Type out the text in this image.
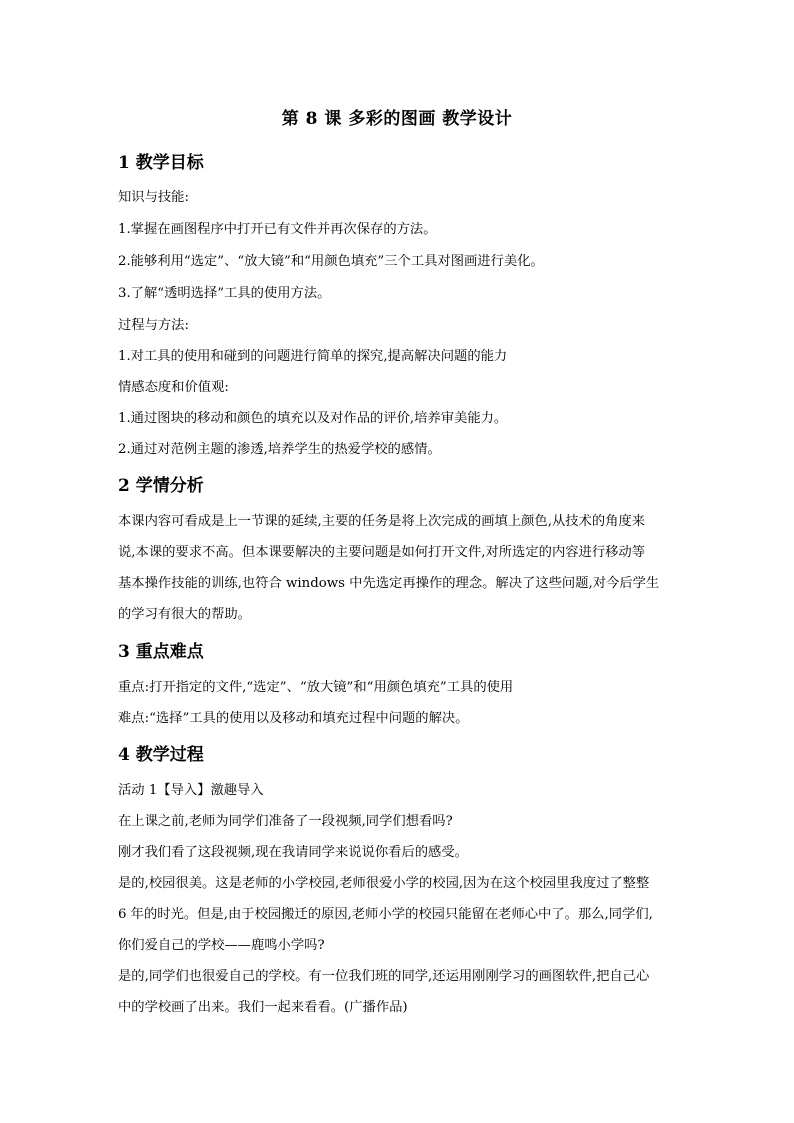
第 8 课 多彩的图画 教学设计
1 教学目标
知识与技能:
1.掌握在画图程序中打开已有文件并再次保存的方法。
2.能够利用“选定”、“放大镜”和“用颜色填充”三个工具对图画进行美化。
3.了解“透明选择”工具的使用方法。
过程与方法:
1.对工具的使用和碰到的问题进行简单的探究,提高解决问题的能力
情感态度和价值观:
1.通过图块的移动和颜色的填充以及对作品的评价,培养审美能力。
2.通过对范例主题的渗透,培养学生的热爱学校的感情。
2 学情分析
本课内容可看成是上一节课的延续,主要的任务是将上次完成的画填上颜色,从技术的角度来
说,本课的要求不高。但本课要解决的主要问题是如何打开文件,对所选定的内容进行移动等
基本操作技能的训练,也符合 windows 中先选定再操作的理念。解决了这些问题,对今后学生
的学习有很大的帮助。
3 重点难点
重点:打开指定的文件,“选定”、“放大镜”和“用颜色填充”工具的使用
难点:“选择”工具的使用以及移动和填充过程中问题的解决。
4 教学过程
活动 1【导入】激趣导入
在上课之前,老师为同学们准备了一段视频,同学们想看吗?
刚才我们看了这段视频,现在我请同学来说说你看后的感受。
是的,校园很美。这是老师的小学校园,老师很爱小学的校园,因为在这个校园里我度过了整整
6 年的时光。但是,由于校园搬迁的原因,老师小学的校园只能留在老师心中了。那么,同学们,
你们爱自己的学校——鹿鸣小学吗?
是的,同学们也很爱自己的学校。有一位我们班的同学,还运用刚刚学习的画图软件,把自己心
中的学校画了出来。我们一起来看看。(广播作品)
